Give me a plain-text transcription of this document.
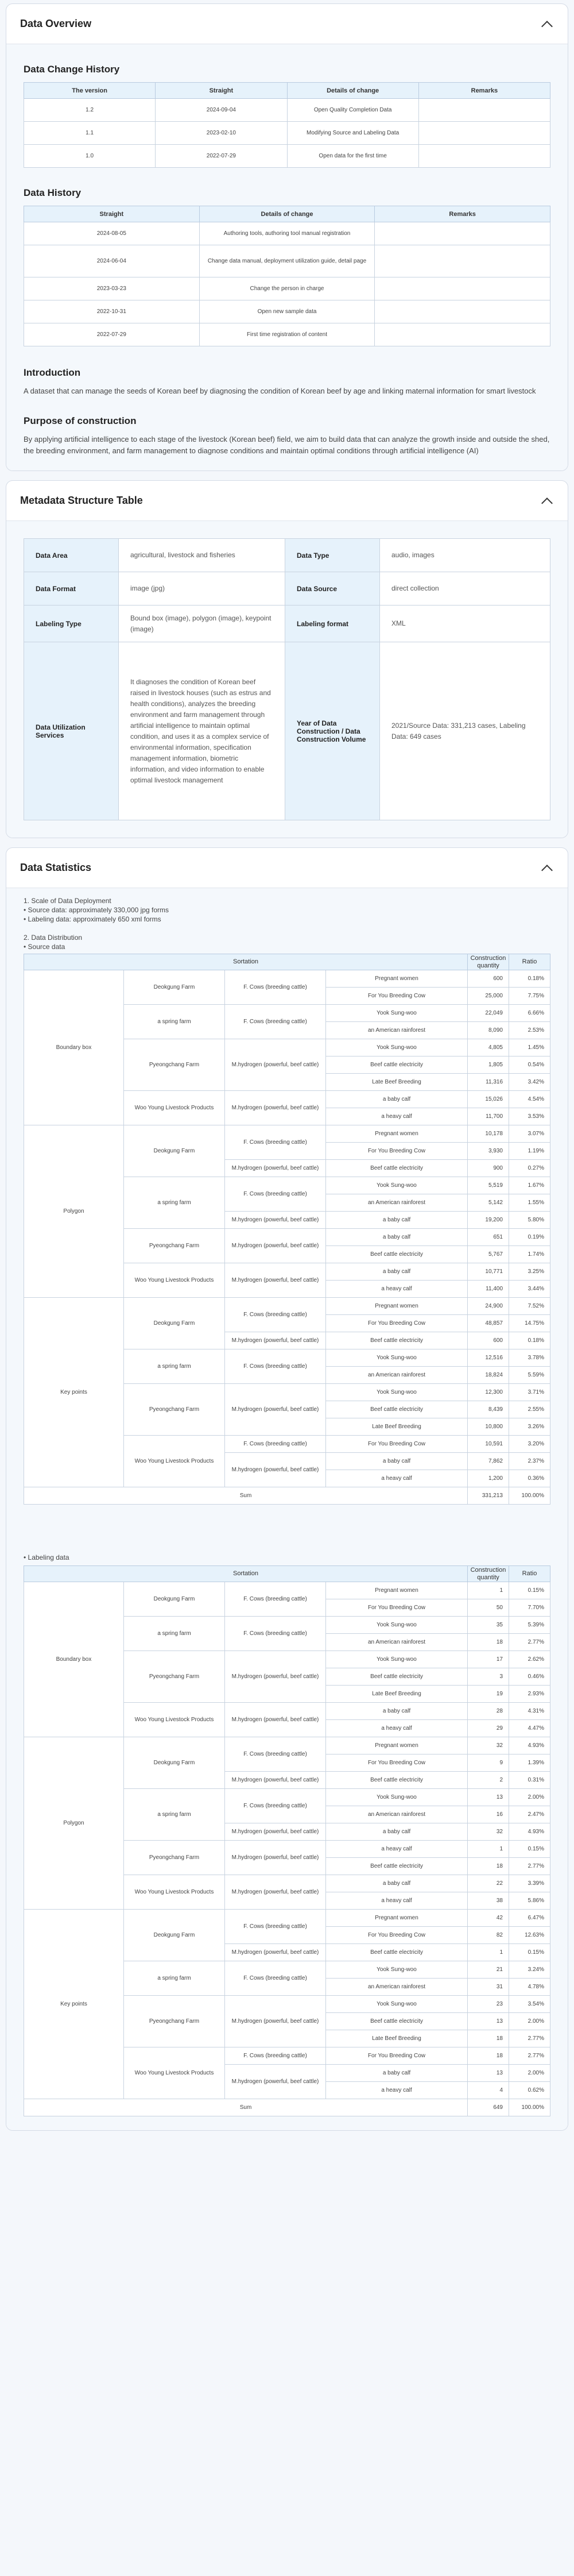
Data Overview
Data Change History
The version	Straight	Details of change	Remarks
1.2	2024-09-04	Open Quality Completion Data	
1.1	2023-02-10	Modifying Source and Labeling Data	
1.0	2022-07-29	Open data for the first time	
Data History
Straight	Details of change	Remarks
2024-08-05	Authoring tools, authoring tool manual registration	
2024-06-04	Change data manual, deployment utilization guide, detail page	
2023-03-23	Change the person in charge	
2022-10-31	Open new sample data	
2022-07-29	First time registration of content	
Introduction

A dataset that can manage the seeds of Korean beef by diagnosing the condition of Korean beef by age and linking maternal information for smart livestock

Purpose of construction

By applying artificial intelligence to each stage of the livestock (Korean beef) field, we aim to build data that can analyze the growth inside and outside the shed, the breeding environment, and farm management to diagnose conditions and maintain optimal conditions through artificial intelligence (AI)

Metadata Structure Table
Data Area	agricultural, livestock and fisheries	Data Type	audio, images
Data Format	image (jpg)	Data Source	direct collection
Labeling Type	Bound box (image), polygon (image), keypoint (image)	Labeling format	XML
Data Utilization Services	It diagnoses the condition of Korean beef raised in livestock houses (such as estrus and health conditions), analyzes the breeding environment and farm management through artificial intelligence to maintain optimal condition, and uses it as a complex service of environmental information, specification management information, biometric information, and video information to enable optimal livestock management	Year of Data Construction / Data Construction Volume	2021/Source Data: 331,213 cases, Labeling Data: 649 cases
Data Statistics
1. Scale of Data Deployment
• Source data: approximately 330,000 jpg forms
• Labeling data: approximately 650 xml forms
2. Data Distribution
• Source data
Sortation				Construction quantity	Ratio
Boundary box	Deokgung Farm	F. Cows (breeding cattle)	Pregnant women	600	0.18%
			For You Breeding Cow	25,000	7.75%
	a spring farm	F. Cows (breeding cattle)	Yook Sung-woo	22,049	6.66%
			an American rainforest	8,090	2.53%
	Pyeongchang Farm	M.hydrogen (powerful, beef cattle)	Yook Sung-woo	4,805	1.45%
			Beef cattle electricity	1,805	0.54%
			Late Beef Breeding	11,316	3.42%
	Woo Young Livestock Products	M.hydrogen (powerful, beef cattle)	a baby calf	15,026	4.54%
			a heavy calf	11,700	3.53%
Polygon	Deokgung Farm	F. Cows (breeding cattle)	Pregnant women	10,178	3.07%
			For You Breeding Cow	3,930	1.19%
		M.hydrogen (powerful, beef cattle)	Beef cattle electricity	900	0.27%
	a spring farm	F. Cows (breeding cattle)	Yook Sung-woo	5,519	1.67%
			an American rainforest	5,142	1.55%
		M.hydrogen (powerful, beef cattle)	a baby calf	19,200	5.80%
	Pyeongchang Farm	M.hydrogen (powerful, beef cattle)	a baby calf	651	0.19%
			Beef cattle electricity	5,767	1.74%
	Woo Young Livestock Products	M.hydrogen (powerful, beef cattle)	a baby calf	10,771	3.25%
			a heavy calf	11,400	3.44%
Key points	Deokgung Farm	F. Cows (breeding cattle)	Pregnant women	24,900	7.52%
			For You Breeding Cow	48,857	14.75%
		M.hydrogen (powerful, beef cattle)	Beef cattle electricity	600	0.18%
	a spring farm	F. Cows (breeding cattle)	Yook Sung-woo	12,516	3.78%
			an American rainforest	18,824	5.59%
	Pyeongchang Farm	M.hydrogen (powerful, beef cattle)	Yook Sung-woo	12,300	3.71%
			Beef cattle electricity	8,439	2.55%
			Late Beef Breeding	10,800	3.26%
	Woo Young Livestock Products	F. Cows (breeding cattle)	For You Breeding Cow	10,591	3.20%
		M.hydrogen (powerful, beef cattle)	a baby calf	7,862	2.37%
			a heavy calf	1,200	0.36%
Sum				331,213	100.00%
• Labeling data
Sortation				Construction quantity	Ratio
Boundary box	Deokgung Farm	F. Cows (breeding cattle)	Pregnant women	1	0.15%
			For You Breeding Cow	50	7.70%
	a spring farm	F. Cows (breeding cattle)	Yook Sung-woo	35	5.39%
			an American rainforest	18	2.77%
	Pyeongchang Farm	M.hydrogen (powerful, beef cattle)	Yook Sung-woo	17	2.62%
			Beef cattle electricity	3	0.46%
			Late Beef Breeding	19	2.93%
	Woo Young Livestock Products	M.hydrogen (powerful, beef cattle)	a baby calf	28	4.31%
			a heavy calf	29	4.47%
Polygon	Deokgung Farm	F. Cows (breeding cattle)	Pregnant women	32	4.93%
			For You Breeding Cow	9	1.39%
		M.hydrogen (powerful, beef cattle)	Beef cattle electricity	2	0.31%
	a spring farm	F. Cows (breeding cattle)	Yook Sung-woo	13	2.00%
			an American rainforest	16	2.47%
		M.hydrogen (powerful, beef cattle)	a baby calf	32	4.93%
	Pyeongchang Farm	M.hydrogen (powerful, beef cattle)	a heavy calf	1	0.15%
			Beef cattle electricity	18	2.77%
	Woo Young Livestock Products	M.hydrogen (powerful, beef cattle)	a baby calf	22	3.39%
			a heavy calf	38	5.86%
Key points	Deokgung Farm	F. Cows (breeding cattle)	Pregnant women	42	6.47%
			For You Breeding Cow	82	12.63%
		M.hydrogen (powerful, beef cattle)	Beef cattle electricity	1	0.15%
	a spring farm	F. Cows (breeding cattle)	Yook Sung-woo	21	3.24%
			an American rainforest	31	4.78%
	Pyeongchang Farm	M.hydrogen (powerful, beef cattle)	Yook Sung-woo	23	3.54%
			Beef cattle electricity	13	2.00%
			Late Beef Breeding	18	2.77%
	Woo Young Livestock Products	F. Cows (breeding cattle)	For You Breeding Cow	18	2.77%
		M.hydrogen (powerful, beef cattle)	a baby calf	13	2.00%
			a heavy calf	4	0.62%
Sum				649	100.00%
